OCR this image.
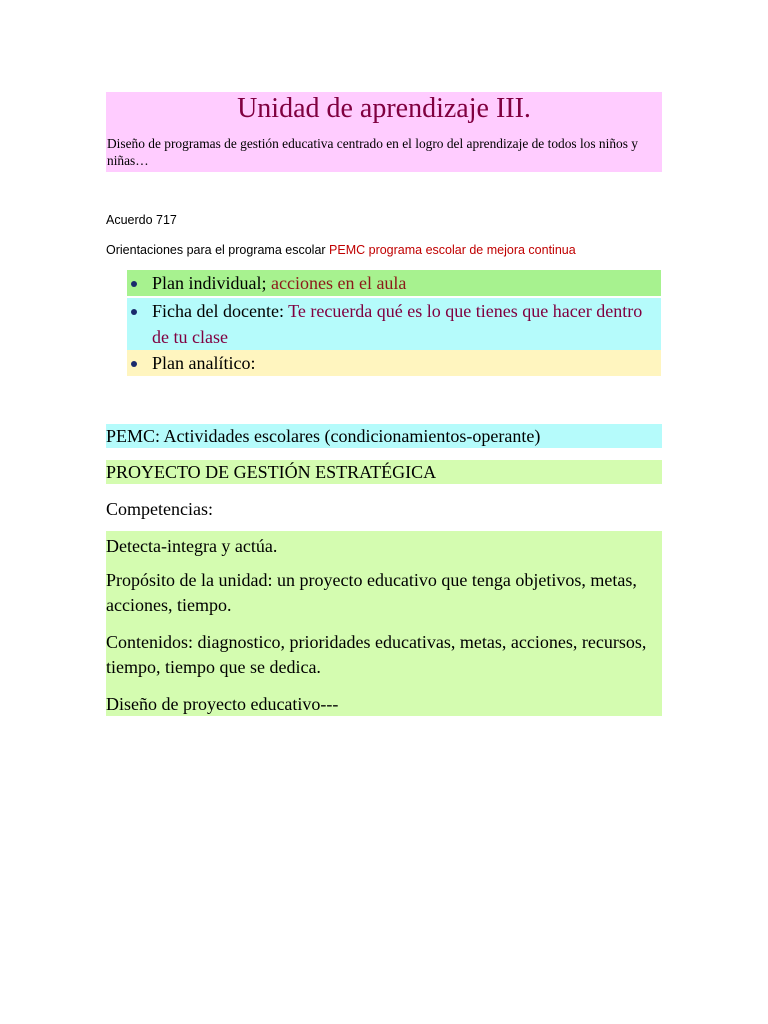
Unidad de aprendizaje III.
Diseño de programas de gestión educativa centrado en el logro del aprendizaje de todos los niños y niñas…
Acuerdo 717
Orientaciones para el programa escolar PEMC programa escolar de mejora continua
Plan individual; acciones en el aula
Ficha del docente: Te recuerda qué es lo que tienes que hacer dentro de tu clase
Plan analítico:
PEMC: Actividades escolares (condicionamientos-operante)
PROYECTO DE GESTIÓN ESTRATÉGICA
Competencias:
Detecta-integra y actúa.
Propósito de la unidad: un proyecto educativo que tenga objetivos, metas, acciones, tiempo.
Contenidos: diagnostico, prioridades educativas, metas, acciones, recursos, tiempo, tiempo que se dedica.
Diseño de proyecto educativo---
